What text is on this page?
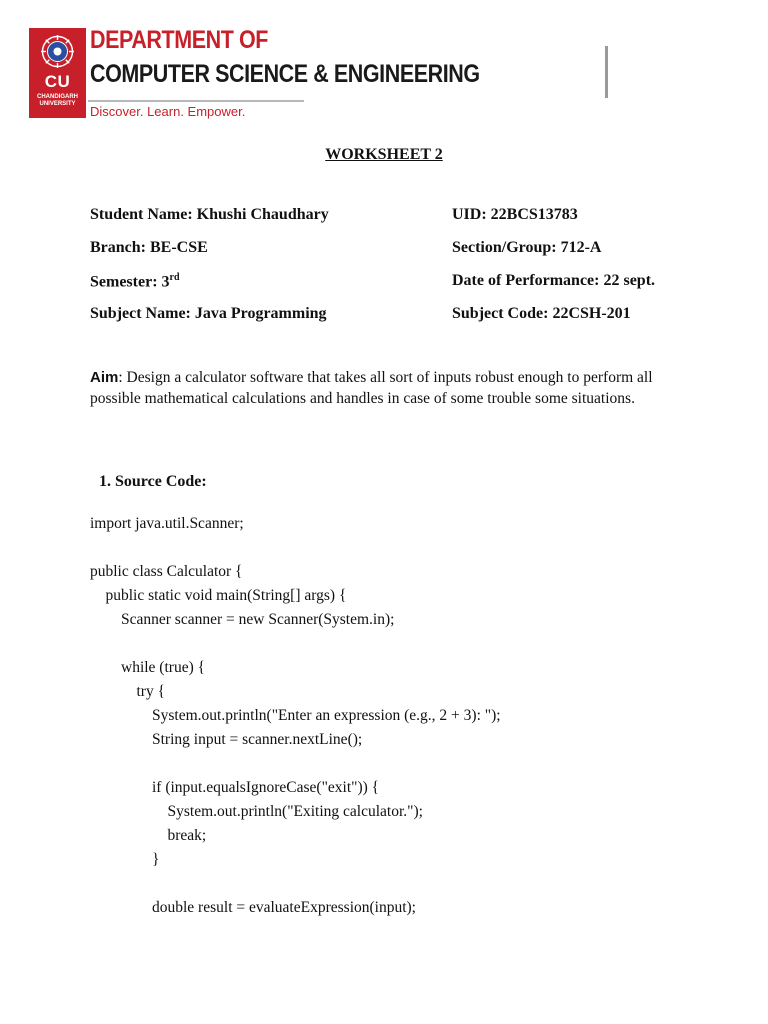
CU
CHANDIGARH
UNIVERSITY
DEPARTMENT OF
COMPUTER SCIENCE & ENGINEERING
Discover. Learn. Empower.
WORKSHEET 2
Student Name: Khushi Chaudhary	UID: 22BCS13783
Branch: BE-CSE	Section/Group: 712-A
Semester: 3rd	Date of Performance: 22 sept.
Subject Name: Java Programming	Subject Code: 22CSH-201
Aim: Design a calculator software that takes all sort of inputs robust enough to perform all possible mathematical calculations and handles in case of some trouble some situations.
1. Source Code:
import java.util.Scanner;
public class Calculator {
public static void main(String[] args) {
Scanner scanner = new Scanner(System.in);
while (true) {
try {
System.out.println("Enter an expression (e.g., 2 + 3): ");
String input = scanner.nextLine();
if (input.equalsIgnoreCase("exit")) {
System.out.println("Exiting calculator.");
break;
}
double result = evaluateExpression(input);
